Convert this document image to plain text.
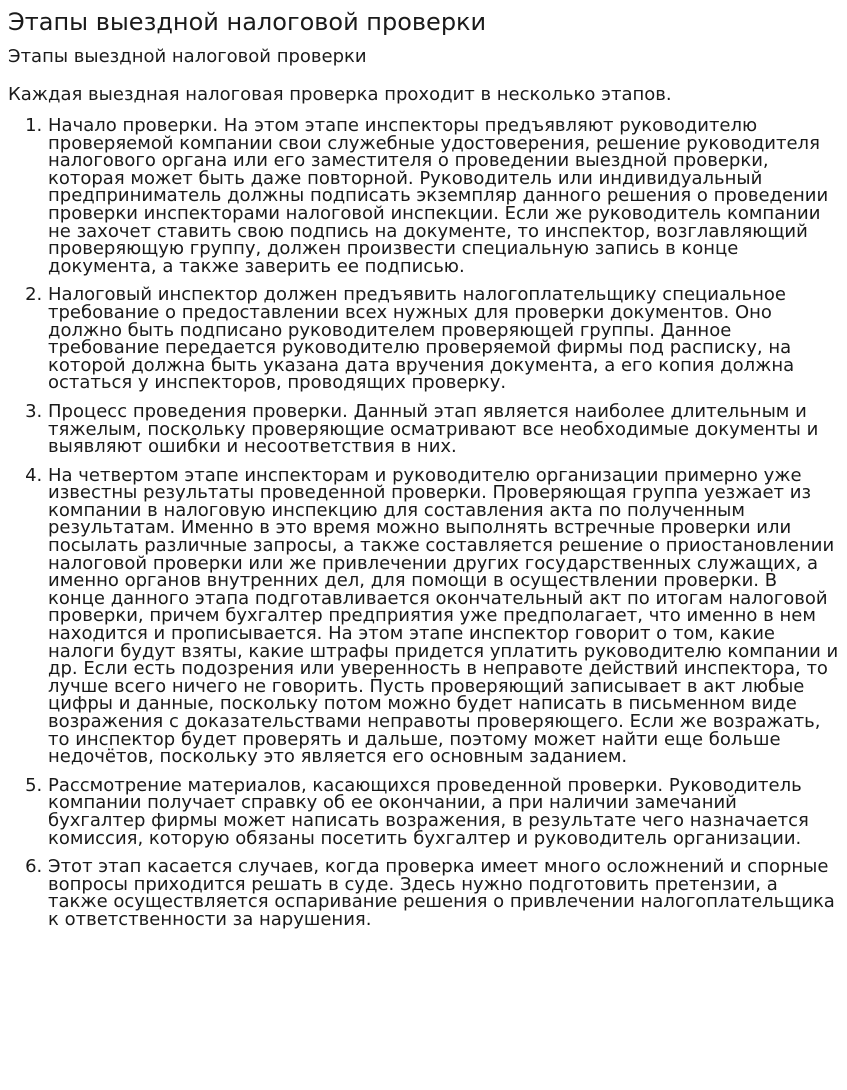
Этапы выездной налоговой проверки
Этапы выездной налоговой проверки

Каждая выездная налоговая проверка проходит в несколько этапов.

1. Начало проверки. На этом этапе инспекторы предъявляют руководителю проверяемой компании свои служебные удостоверения, решение руководителя налогового органа или его заместителя о проведении выездной проверки, которая может быть даже повторной. Руководитель или индивидуальный предприниматель должны подписать экземпляр данного решения о проведении проверки инспекторами налоговой инспекции. Если же руководитель компании не захочет ставить свою подпись на документе, то инспектор, возглавляющий проверяющую группу, должен произвести специальную запись в конце документа, а также заверить ее подписью.
2. Налоговый инспектор должен предъявить налогоплательщику специальное требование о предоставлении всех нужных для проверки документов. Оно должно быть подписано руководителем проверяющей группы. Данное требование передается руководителю проверяемой фирмы под расписку, на которой должна быть указана дата вручения документа, а его копия должна остаться у инспекторов, проводящих проверку.
3. Процесс проведения проверки. Данный этап является наиболее длительным и тяжелым, поскольку проверяющие осматривают все необходимые документы и выявляют ошибки и несоответствия в них.
4. На четвертом этапе инспекторам и руководителю организации примерно уже известны результаты проведенной проверки. Проверяющая группа уезжает из компании в налоговую инспекцию для составления акта по полученным результатам. Именно в это время можно выполнять встречные проверки или посылать различные запросы, а также составляется решение о приостановлении налоговой проверки или же привлечении других государственных служащих, а именно органов внутренних дел, для помощи в осуществлении проверки. В конце данного этапа подготавливается окончательный акт по итогам налоговой проверки, причем бухгалтер предприятия уже предполагает, что именно в нем находится и прописывается. На этом этапе инспектор говорит о том, какие налоги будут взяты, какие штрафы придется уплатить руководителю компании и др. Если есть подозрения или уверенность в неправоте действий инспектора, то лучше всего ничего не говорить. Пусть проверяющий записывает в акт любые цифры и данные, поскольку потом можно будет написать в письменном виде возражения с доказательствами неправоты проверяющего. Если же возражать, то инспектор будет проверять и дальше, поэтому может найти еще больше недочётов, поскольку это является его основным заданием.
5. Рассмотрение материалов, касающихся проведенной проверки. Руководитель компании получает справку об ее окончании, а при наличии замечаний бухгалтер фирмы может написать возражения, в результате чего назначается комиссия, которую обязаны посетить бухгалтер и руководитель организации.
6. Этот этап касается случаев, когда проверка имеет много осложнений и спорные вопросы приходится решать в суде. Здесь нужно подготовить претензии, а также осуществляется оспаривание решения о привлечении налогоплательщика к ответственности за нарушения.
